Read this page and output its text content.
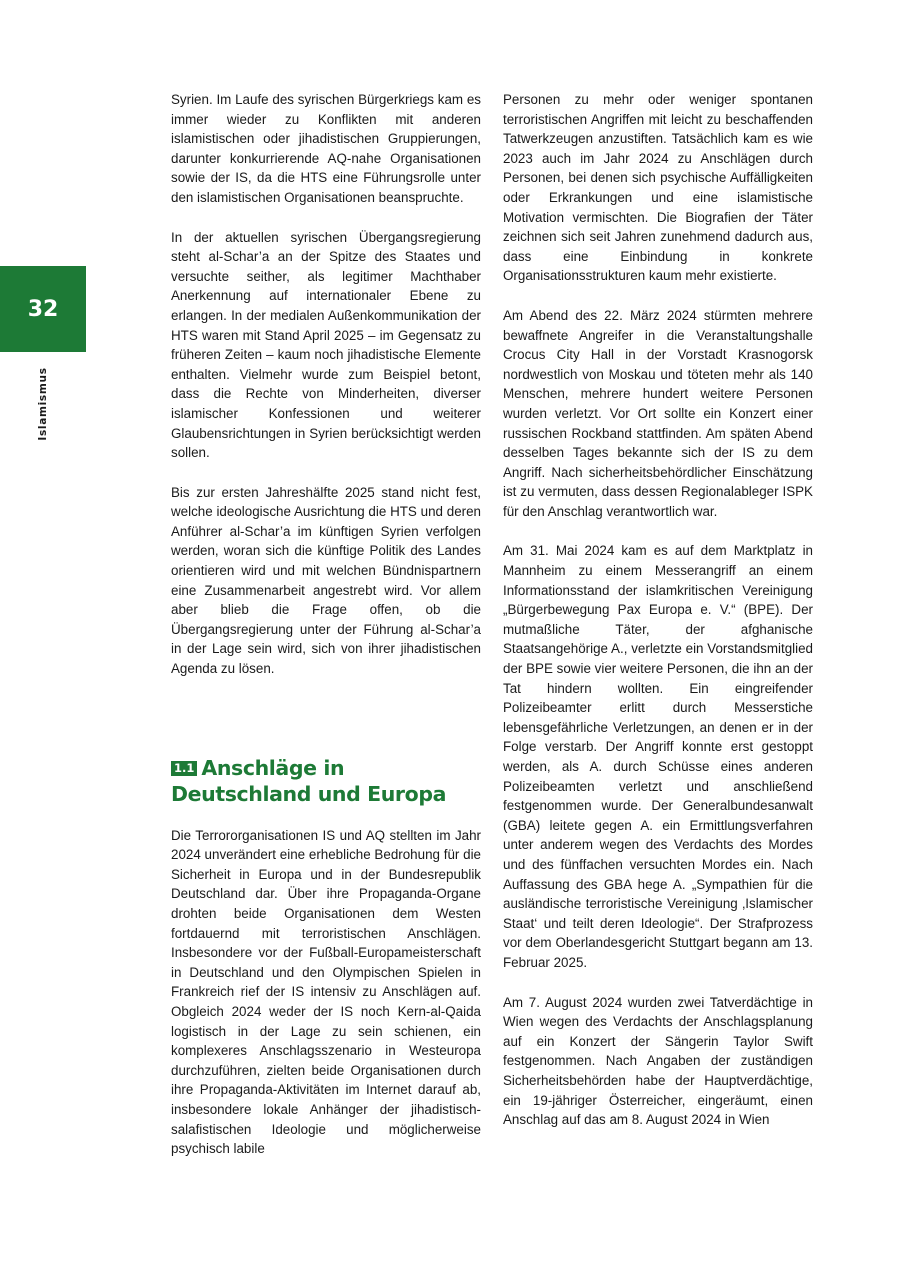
32
Islamismus

Syrien. Im Laufe des syrischen Bürgerkriegs kam es immer wieder zu Konflikten mit anderen islamistischen oder jihadistischen Gruppierungen, darunter konkurrierende AQ-nahe Organisationen sowie der IS, da die HTS eine Führungsrolle unter den islamistischen Organisationen beanspruchte.

In der aktuellen syrischen Übergangsregierung steht al-Schar’a an der Spitze des Staates und versuchte seither, als legitimer Machthaber Anerkennung auf internationaler Ebene zu erlangen. In der medialen Außenkommunikation der HTS waren mit Stand April 2025 – im Gegensatz zu früheren Zeiten – kaum noch jihadistische Elemente enthalten. Vielmehr wurde zum Beispiel betont, dass die Rechte von Minderheiten, diverser islamischer Konfessionen und weiterer Glaubensrichtungen in Syrien berücksichtigt werden sollen.

Bis zur ersten Jahreshälfte 2025 stand nicht fest, welche ideologische Ausrichtung die HTS und deren Anführer al-Schar’a im künftigen Syrien verfolgen werden, woran sich die künftige Politik des Landes orientieren wird und mit welchen Bündnispartnern eine Zusammenarbeit angestrebt wird. Vor allem aber blieb die Frage offen, ob die Übergangsregierung unter der Führung al-Schar’a in der Lage sein wird, sich von ihrer jihadistischen Agenda zu lösen.

1.1 Anschläge in Deutschland und Europa

Die Terrororganisationen IS und AQ stellten im Jahr 2024 unverändert eine erhebliche Bedrohung für die Sicherheit in Europa und in der Bundesrepublik Deutschland dar. Über ihre Propaganda-Organe drohten beide Organisationen dem Westen fortdauernd mit terroristischen Anschlägen. Insbesondere vor der Fußball-Europameisterschaft in Deutschland und den Olympischen Spielen in Frankreich rief der IS intensiv zu Anschlägen auf. Obgleich 2024 weder der IS noch Kern-al-Qaida logistisch in der Lage zu sein schienen, ein komplexeres Anschlagsszenario in Westeuropa durchzuführen, zielten beide Organisationen durch ihre Propaganda-Aktivitäten im Internet darauf ab, insbesondere lokale Anhänger der jihadistisch-salafistischen Ideologie und möglicherweise psychisch labile

Personen zu mehr oder weniger spontanen terroristischen Angriffen mit leicht zu beschaffenden Tatwerkzeugen anzustiften. Tatsächlich kam es wie 2023 auch im Jahr 2024 zu Anschlägen durch Personen, bei denen sich psychische Auffälligkeiten oder Erkrankungen und eine islamistische Motivation vermischten. Die Biografien der Täter zeichnen sich seit Jahren zunehmend dadurch aus, dass eine Einbindung in konkrete Organisationsstrukturen kaum mehr existierte.

Am Abend des 22. März 2024 stürmten mehrere bewaffnete Angreifer in die Veranstaltungshalle Crocus City Hall in der Vorstadt Krasnogorsk nordwestlich von Moskau und töteten mehr als 140 Menschen, mehrere hundert weitere Personen wurden verletzt. Vor Ort sollte ein Konzert einer russischen Rockband stattfinden. Am späten Abend desselben Tages bekannte sich der IS zu dem Angriff. Nach sicherheitsbehördlicher Einschätzung ist zu vermuten, dass dessen Regionalableger ISPK für den Anschlag verantwortlich war.

Am 31. Mai 2024 kam es auf dem Marktplatz in Mannheim zu einem Messerangriff an einem Informationsstand der islamkritischen Vereinigung „Bürgerbewegung Pax Europa e. V.“ (BPE). Der mutmaßliche Täter, der afghanische Staatsangehörige A., verletzte ein Vorstandsmitglied der BPE sowie vier weitere Personen, die ihn an der Tat hindern wollten. Ein eingreifender Polizeibeamter erlitt durch Messerstiche lebensgefährliche Verletzungen, an denen er in der Folge verstarb. Der Angriff konnte erst gestoppt werden, als A. durch Schüsse eines anderen Polizeibeamten verletzt und anschließend festgenommen wurde. Der Generalbundesanwalt (GBA) leitete gegen A. ein Ermittlungsverfahren unter anderem wegen des Verdachts des Mordes und des fünffachen versuchten Mordes ein. Nach Auffassung des GBA hege A. „Sympathien für die ausländische terroristische Vereinigung ‚Islamischer Staat‘ und teilt deren Ideologie“. Der Strafprozess vor dem Oberlandesgericht Stuttgart begann am 13. Februar 2025.

Am 7. August 2024 wurden zwei Tatverdächtige in Wien wegen des Verdachts der Anschlagsplanung auf ein Konzert der Sängerin Taylor Swift festgenommen. Nach Angaben der zuständigen Sicherheitsbehörden habe der Hauptverdächtige, ein 19-jähriger Österreicher, eingeräumt, einen Anschlag auf das am 8. August 2024 in Wien
